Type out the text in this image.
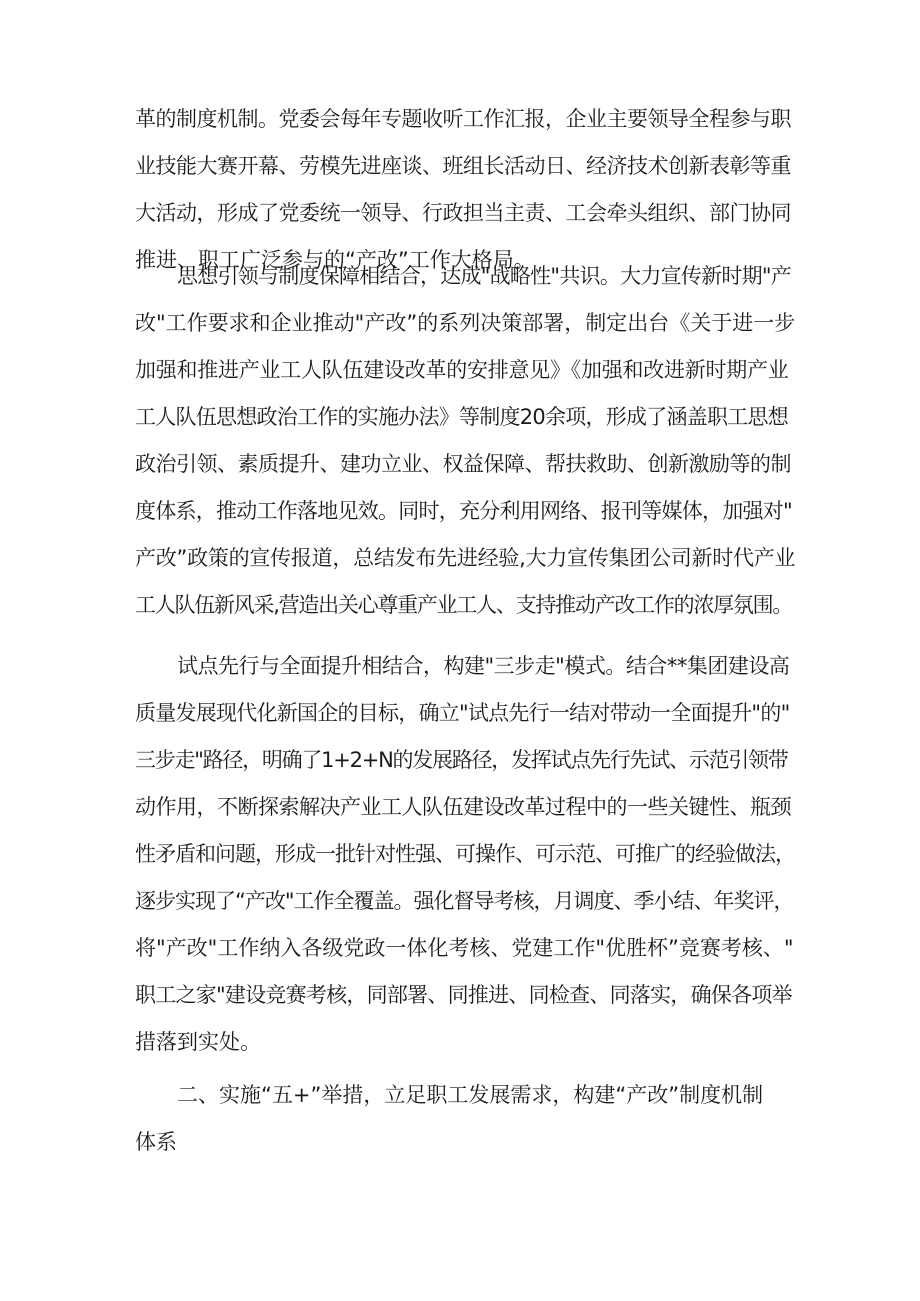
革的制度机制。党委会每年专题收听工作汇报，企业主要领导全程参与职
业技能大赛开幕、劳模先进座谈、班组长活动日、经济技术创新表彰等重
大活动，形成了党委统一领导、行政担当主责、工会牵头组织、部门协同
推进、职工广泛参与的“产改”工作大格局。

思想引领与制度保障相结合，达成"战略性"共识。大力宣传新时期"产
改"工作要求和企业推动"产改”的系列决策部署，制定出台《关于进一步
加强和推进产业工人队伍建设改革的安排意见》《加强和改进新时期产业
工人队伍思想政治工作的实施办法》等制度20余项，形成了涵盖职工思想
政治引领、素质提升、建功立业、权益保障、帮扶救助、创新激励等的制
度体系，推动工作落地见效。同时，充分利用网络、报刊等媒体，加强对"
产改”政策的宣传报道，总结发布先进经验,大力宣传集团公司新时代产业
工人队伍新风采,营造出关心尊重产业工人、支持推动产改工作的浓厚氛围。

试点先行与全面提升相结合，构建"三步走"模式。结合**集团建设高
质量发展现代化新国企的目标，确立"试点先行一结对带动一全面提升"的"
三步走"路径，明确了1+2+N的发展路径，发挥试点先行先试、示范引领带
动作用，不断探索解决产业工人队伍建设改革过程中的一些关键性、瓶颈
性矛盾和问题，形成一批针对性强、可操作、可示范、可推广的经验做法，
逐步实现了“产改"工作全覆盖。强化督导考核，月调度、季小结、年奖评，
将"产改"工作纳入各级党政一体化考核、党建工作"优胜杯”竞赛考核、"
职工之家"建设竞赛考核，同部署、同推进、同检查、同落实，确保各项举
措落到实处。

二、实施“五+”举措，立足职工发展需求，构建“产改”制度机制
体系
